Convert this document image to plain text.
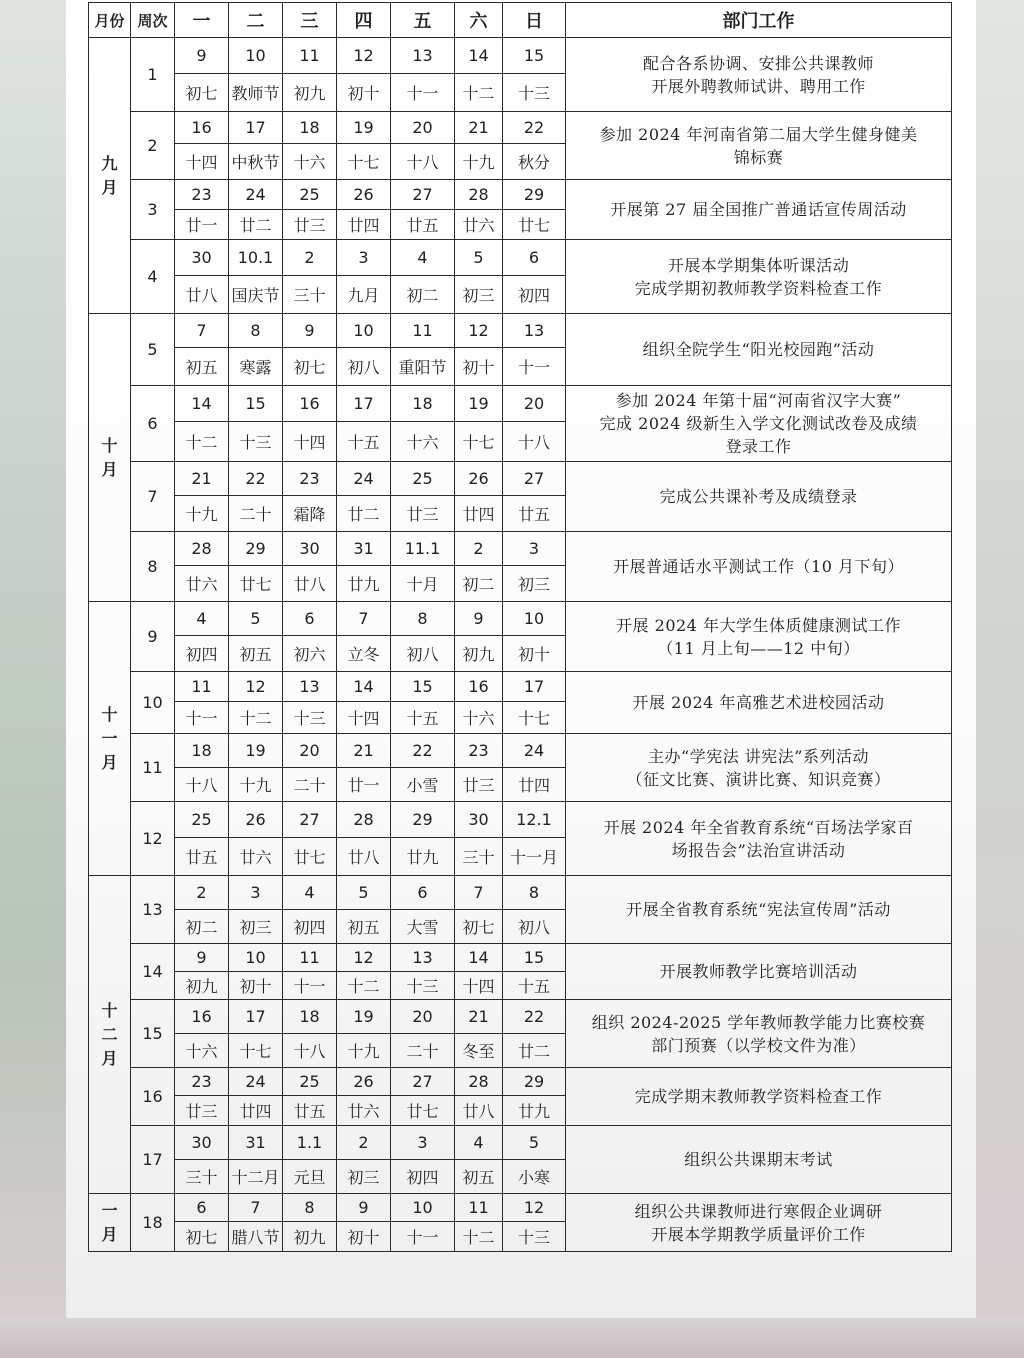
月份	周次	一	二	三	四	五	六	日	部门工作
九月	1	9	10	11	12	13	14	15	配合各系协调、安排公共课教师
开展外聘教师试讲、聘用工作

		初七	教师节	初九	初十	十一	十二	十三	
	2	16	17	18	19	20	21	22	参加 2024 年河南省第二届大学生健身健美
锦标赛

		十四	中秋节	十六	十七	十八	十九	秋分	
	3	23	24	25	26	27	28	29	开展第 27 届全国推广普通话宣传周活动

		廿一	廿二	廿三	廿四	廿五	廿六	廿七	
	4	30	10.1	2	3	4	5	6	开展本学期集体听课活动
完成学期初教师教学资料检查工作

		廿八	国庆节	三十	九月	初二	初三	初四	
十月	5	7	8	9	10	11	12	13	组织全院学生“阳光校园跑”活动

		初五	寒露	初七	初八	重阳节	初十	十一	
	6	14	15	16	17	18	19	20	参加 2024 年第十届“河南省汉字大赛”
完成 2024 级新生入学文化测试改卷及成绩
登录工作

		十二	十三	十四	十五	十六	十七	十八	
	7	21	22	23	24	25	26	27	完成公共课补考及成绩登录

		十九	二十	霜降	廿二	廿三	廿四	廿五	
	8	28	29	30	31	11.1	2	3	开展普通话水平测试工作（10 月下旬）

		廿六	廿七	廿八	廿九	十月	初二	初三	
十一月	9	4	5	6	7	8	9	10	开展 2024 年大学生体质健康测试工作
（11 月上旬——12 中旬）

		初四	初五	初六	立冬	初八	初九	初十	
	10	11	12	13	14	15	16	17	开展 2024 年高雅艺术进校园活动

		十一	十二	十三	十四	十五	十六	十七	
	11	18	19	20	21	22	23	24	主办“学宪法 讲宪法”系列活动
（征文比赛、演讲比赛、知识竞赛）

		十八	十九	二十	廿一	小雪	廿三	廿四	
	12	25	26	27	28	29	30	12.1	开展 2024 年全省教育系统“百场法学家百
场报告会”法治宣讲活动

		廿五	廿六	廿七	廿八	廿九	三十	十一月	
十二月	13	2	3	4	5	6	7	8	开展全省教育系统“宪法宣传周”活动

		初二	初三	初四	初五	大雪	初七	初八	
	14	9	10	11	12	13	14	15	开展教师教学比赛培训活动

		初九	初十	十一	十二	十三	十四	十五	
	15	16	17	18	19	20	21	22	组织 2024-2025 学年教师教学能力比赛校赛
部门预赛（以学校文件为准）

		十六	十七	十八	十九	二十	冬至	廿二	
	16	23	24	25	26	27	28	29	完成学期末教师教学资料检查工作

		廿三	廿四	廿五	廿六	廿七	廿八	廿九	
	17	30	31	1.1	2	3	4	5	组织公共课期末考试

		三十	十二月	元旦	初三	初四	初五	小寒	
一月	18	6	7	8	9	10	11	12	组织公共课教师进行寒假企业调研
开展本学期教学质量评价工作

		初七	腊八节	初九	初十	十一	十二	十三	
